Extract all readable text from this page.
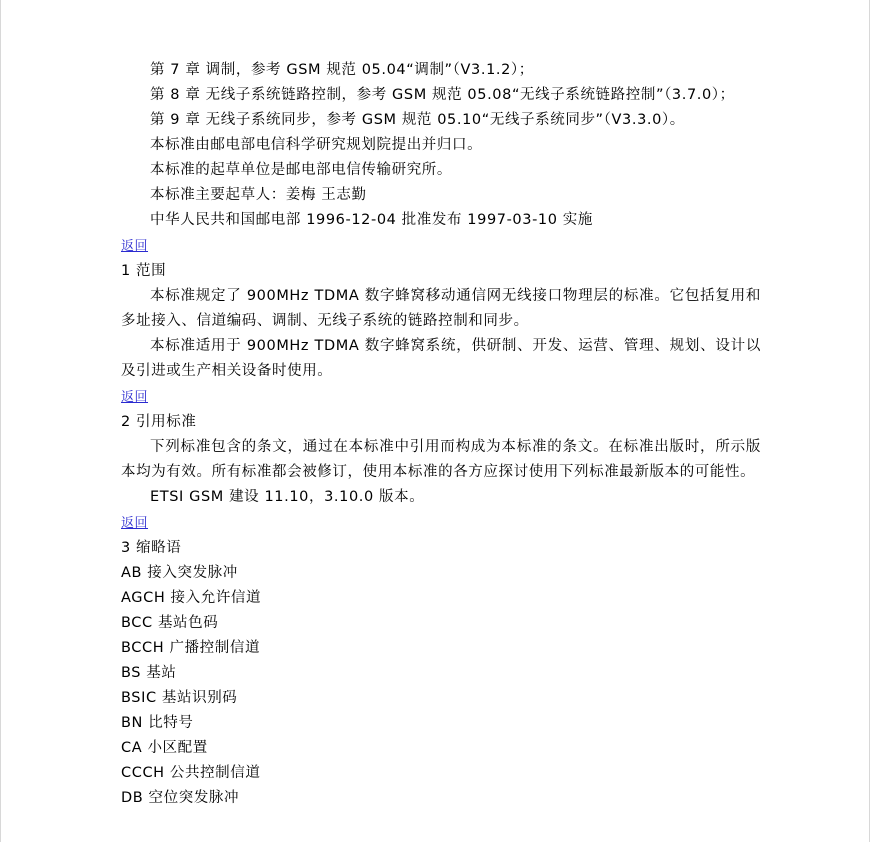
第 7 章 调制，参考 GSM 规范 05.04“调制”（V3.1.2）；

第 8 章 无线子系统链路控制，参考 GSM 规范 05.08“无线子系统链路控制”（3.7.0）；

第 9 章 无线子系统同步，参考 GSM 规范 05.10“无线子系统同步”（V3.3.0）。

本标准由邮电部电信科学研究规划院提出并归口。

本标准的起草单位是邮电部电信传输研究所。

本标准主要起草人：姜梅 王志勤

中华人民共和国邮电部 1996-12-04 批准发布 1997-03-10 实施

返回

1 范围

本标准规定了 900MHz TDMA 数字蜂窝移动通信网无线接口物理层的标准。它包括复用和多址接入、信道编码、调制、无线子系统的链路控制和同步。

本标准适用于 900MHz TDMA 数字蜂窝系统，供研制、开发、运营、管理、规划、设计以及引进或生产相关设备时使用。

返回

2 引用标准

下列标准包含的条文，通过在本标准中引用而构成为本标准的条文。在标准出版时，所示版本均为有效。所有标准都会被修订，使用本标准的各方应探讨使用下列标准最新版本的可能性。

ETSI GSM 建设 11.10，3.10.0 版本。

返回

3 缩略语

AB 接入突发脉冲

AGCH 接入允许信道

BCC 基站色码

BCCH 广播控制信道

BS 基站

BSIC 基站识别码

BN 比特号

CA 小区配置

CCCH 公共控制信道

DB 空位突发脉冲
